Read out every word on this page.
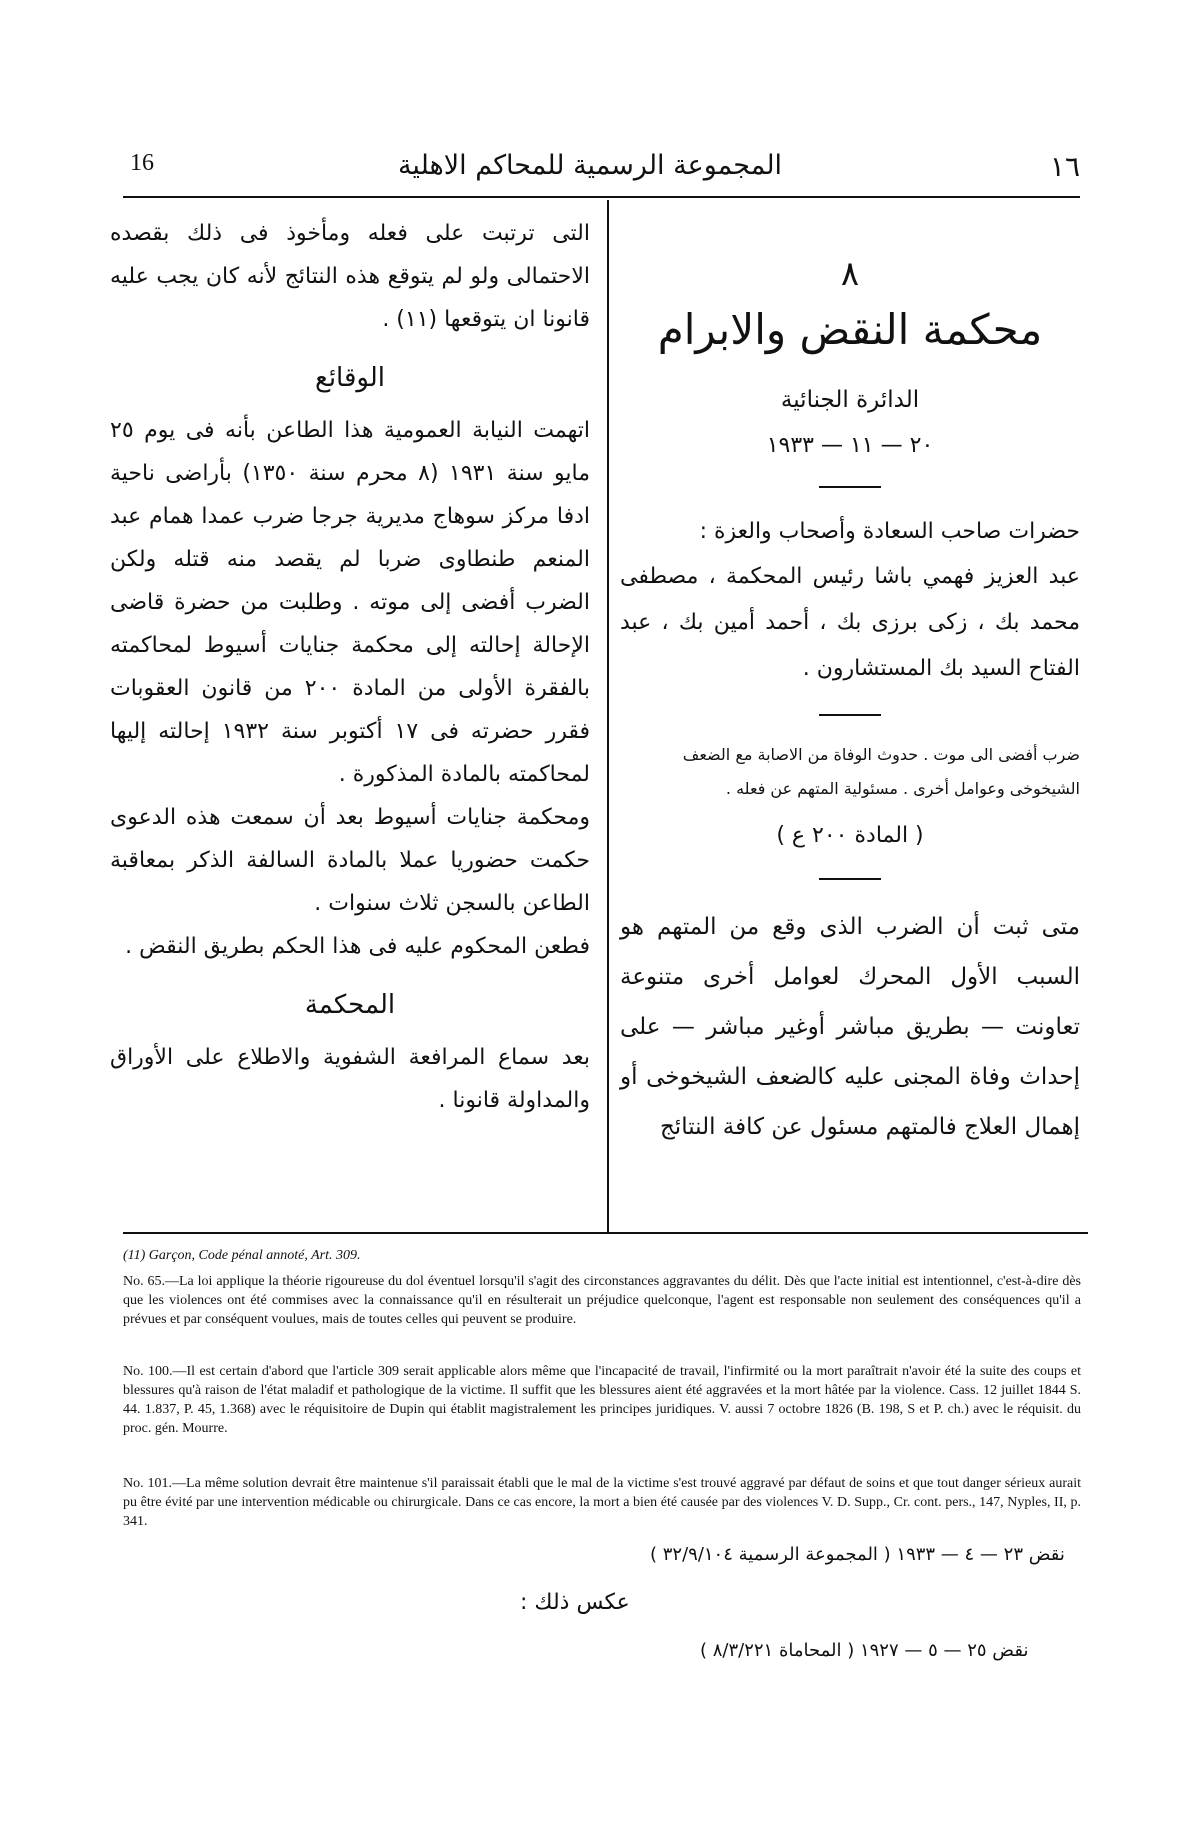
16	المجموعة الرسمية للمحاكم الاهلية	١٦
٨
محكمة النقض والابرام
الدائرة الجنائية
٢٠ — ١١ — ١٩٣٣

حضرات صاحب السعادة وأصحاب والعزة :

عبد العزيز فهمي باشا رئيس المحكمة ، مصطفى محمد بك ، زكى برزى بك ، أحمد أمين بك ، عبد الفتاح السيد بك المستشارون .

ضرب أفضى الى موت . حدوث الوفاة من الاصابة مع الضعف الشيخوخى وعوامل أخرى . مسئولية المتهم عن فعله .

( المادة ٢٠٠ ع )

متى ثبت أن الضرب الذى وقع من المتهم هو السبب الأول المحرك لعوامل أخرى متنوعة تعاونت — بطريق مباشر أوغير مباشر — على إحداث وفاة المجنى عليه كالضعف الشيخوخى أو إهمال العلاج فالمتهم مسئول عن كافة النتائج

التى ترتبت على فعله ومأخوذ فى ذلك بقصده الاحتمالى ولو لم يتوقع هذه النتائج لأنه كان يجب عليه قانونا ان يتوقعها (١١) .

الوقائع

اتهمت النيابة العمومية هذا الطاعن بأنه فى يوم ٢٥ مايو سنة ١٩٣١ (٨ محرم سنة ١٣٥٠) بأراضى ناحية ادفا مركز سوهاج مديرية جرجا ضرب عمدا همام عبد المنعم طنطاوى ضربا لم يقصد منه قتله ولكن الضرب أفضى إلى موته . وطلبت من حضرة قاضى الإحالة إحالته إلى محكمة جنايات أسيوط لمحاكمته بالفقرة الأولى من المادة ٢٠٠ من قانون العقوبات فقرر حضرته فى ١٧ أكتوبر سنة ١٩٣٢ إحالته إليها لمحاكمته بالمادة المذكورة .

ومحكمة جنايات أسيوط بعد أن سمعت هذه الدعوى حكمت حضوريا عملا بالمادة السالفة الذكر بمعاقبة الطاعن بالسجن ثلاث سنوات .

فطعن المحكوم عليه فى هذا الحكم بطريق النقض .

المحكمة

بعد سماع المرافعة الشفوية والاطلاع على الأوراق والمداولة قانونا .

(11) Garçon, Code pénal annoté, Art. 309.
No. 65.—La loi applique la théorie rigoureuse du dol éventuel lorsqu'il s'agit des circonstances aggravantes du délit. Dès que l'acte initial est intentionnel, c'est-à-dire dès que les violences ont été commises avec la connaissance qu'il en résulterait un préjudice quelconque, l'agent est responsable non seulement des conséquences qu'il a prévues et par conséquent voulues, mais de toutes celles qui peuvent se produire.
No. 100.—Il est certain d'abord que l'article 309 serait applicable alors même que l'incapacité de travail, l'infirmité ou la mort paraîtrait n'avoir été la suite des coups et blessures qu'à raison de l'état maladif et pathologique de la victime. Il suffit que les blessures aient été aggravées et la mort hâtée par la violence. Cass. 12 juillet 1844 S. 44. 1.837, P. 45, 1.368) avec le réquisitoire de Dupin qui établit magistralement les principes juridiques. V. aussi 7 octobre 1826 (B. 198, S et P. ch.) avec le réquisit. du proc. gén. Mourre.
No. 101.—La même solution devrait être maintenue s'il paraissait établi que le mal de la victime s'est trouvé aggravé par défaut de soins et que tout danger sérieux aurait pu être évité par une intervention médicable ou chirurgicale. Dans ce cas encore, la mort a bien été causée par des violences V. D. Supp., Cr. cont. pers., 147, Nyples, II, p. 341.
نقض ٢٣ — ٤ — ١٩٣٣ ( المجموعة الرسمية ٣٢/٩/١٠٤ )
عكس ذلك :
نقض ٢٥ — ٥ — ١٩٢٧ ( المحاماة ٨/٣/٢٢١ )
